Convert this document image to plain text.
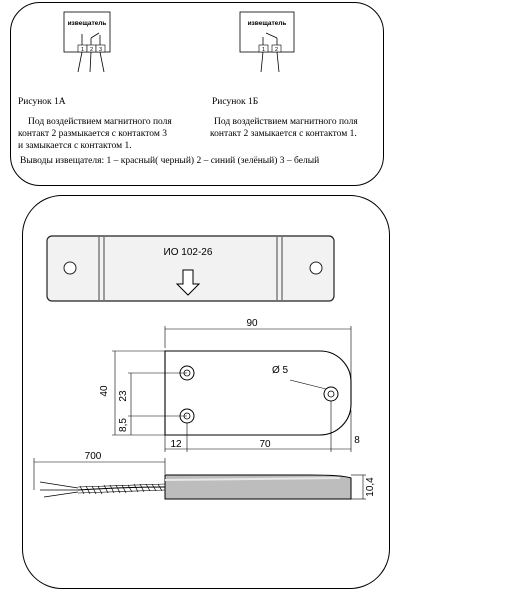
извещатель
1 2 3
извещатель
1 2
ИО 102-26
Ø 5
90
40 23
8,5
12	70	8
700
10,4
Рисунок 1А
Под воздействием магнитного поля
контакт 2 размыкается с контактом 3
и замыкается с контактом 1.
Рисунок 1Б
Под воздействием магнитного поля
контакт 2 замыкается с контактом 1.
Выводы извещателя: 1 – красный( черный) 2 – синий (зелёный) 3 – белый
